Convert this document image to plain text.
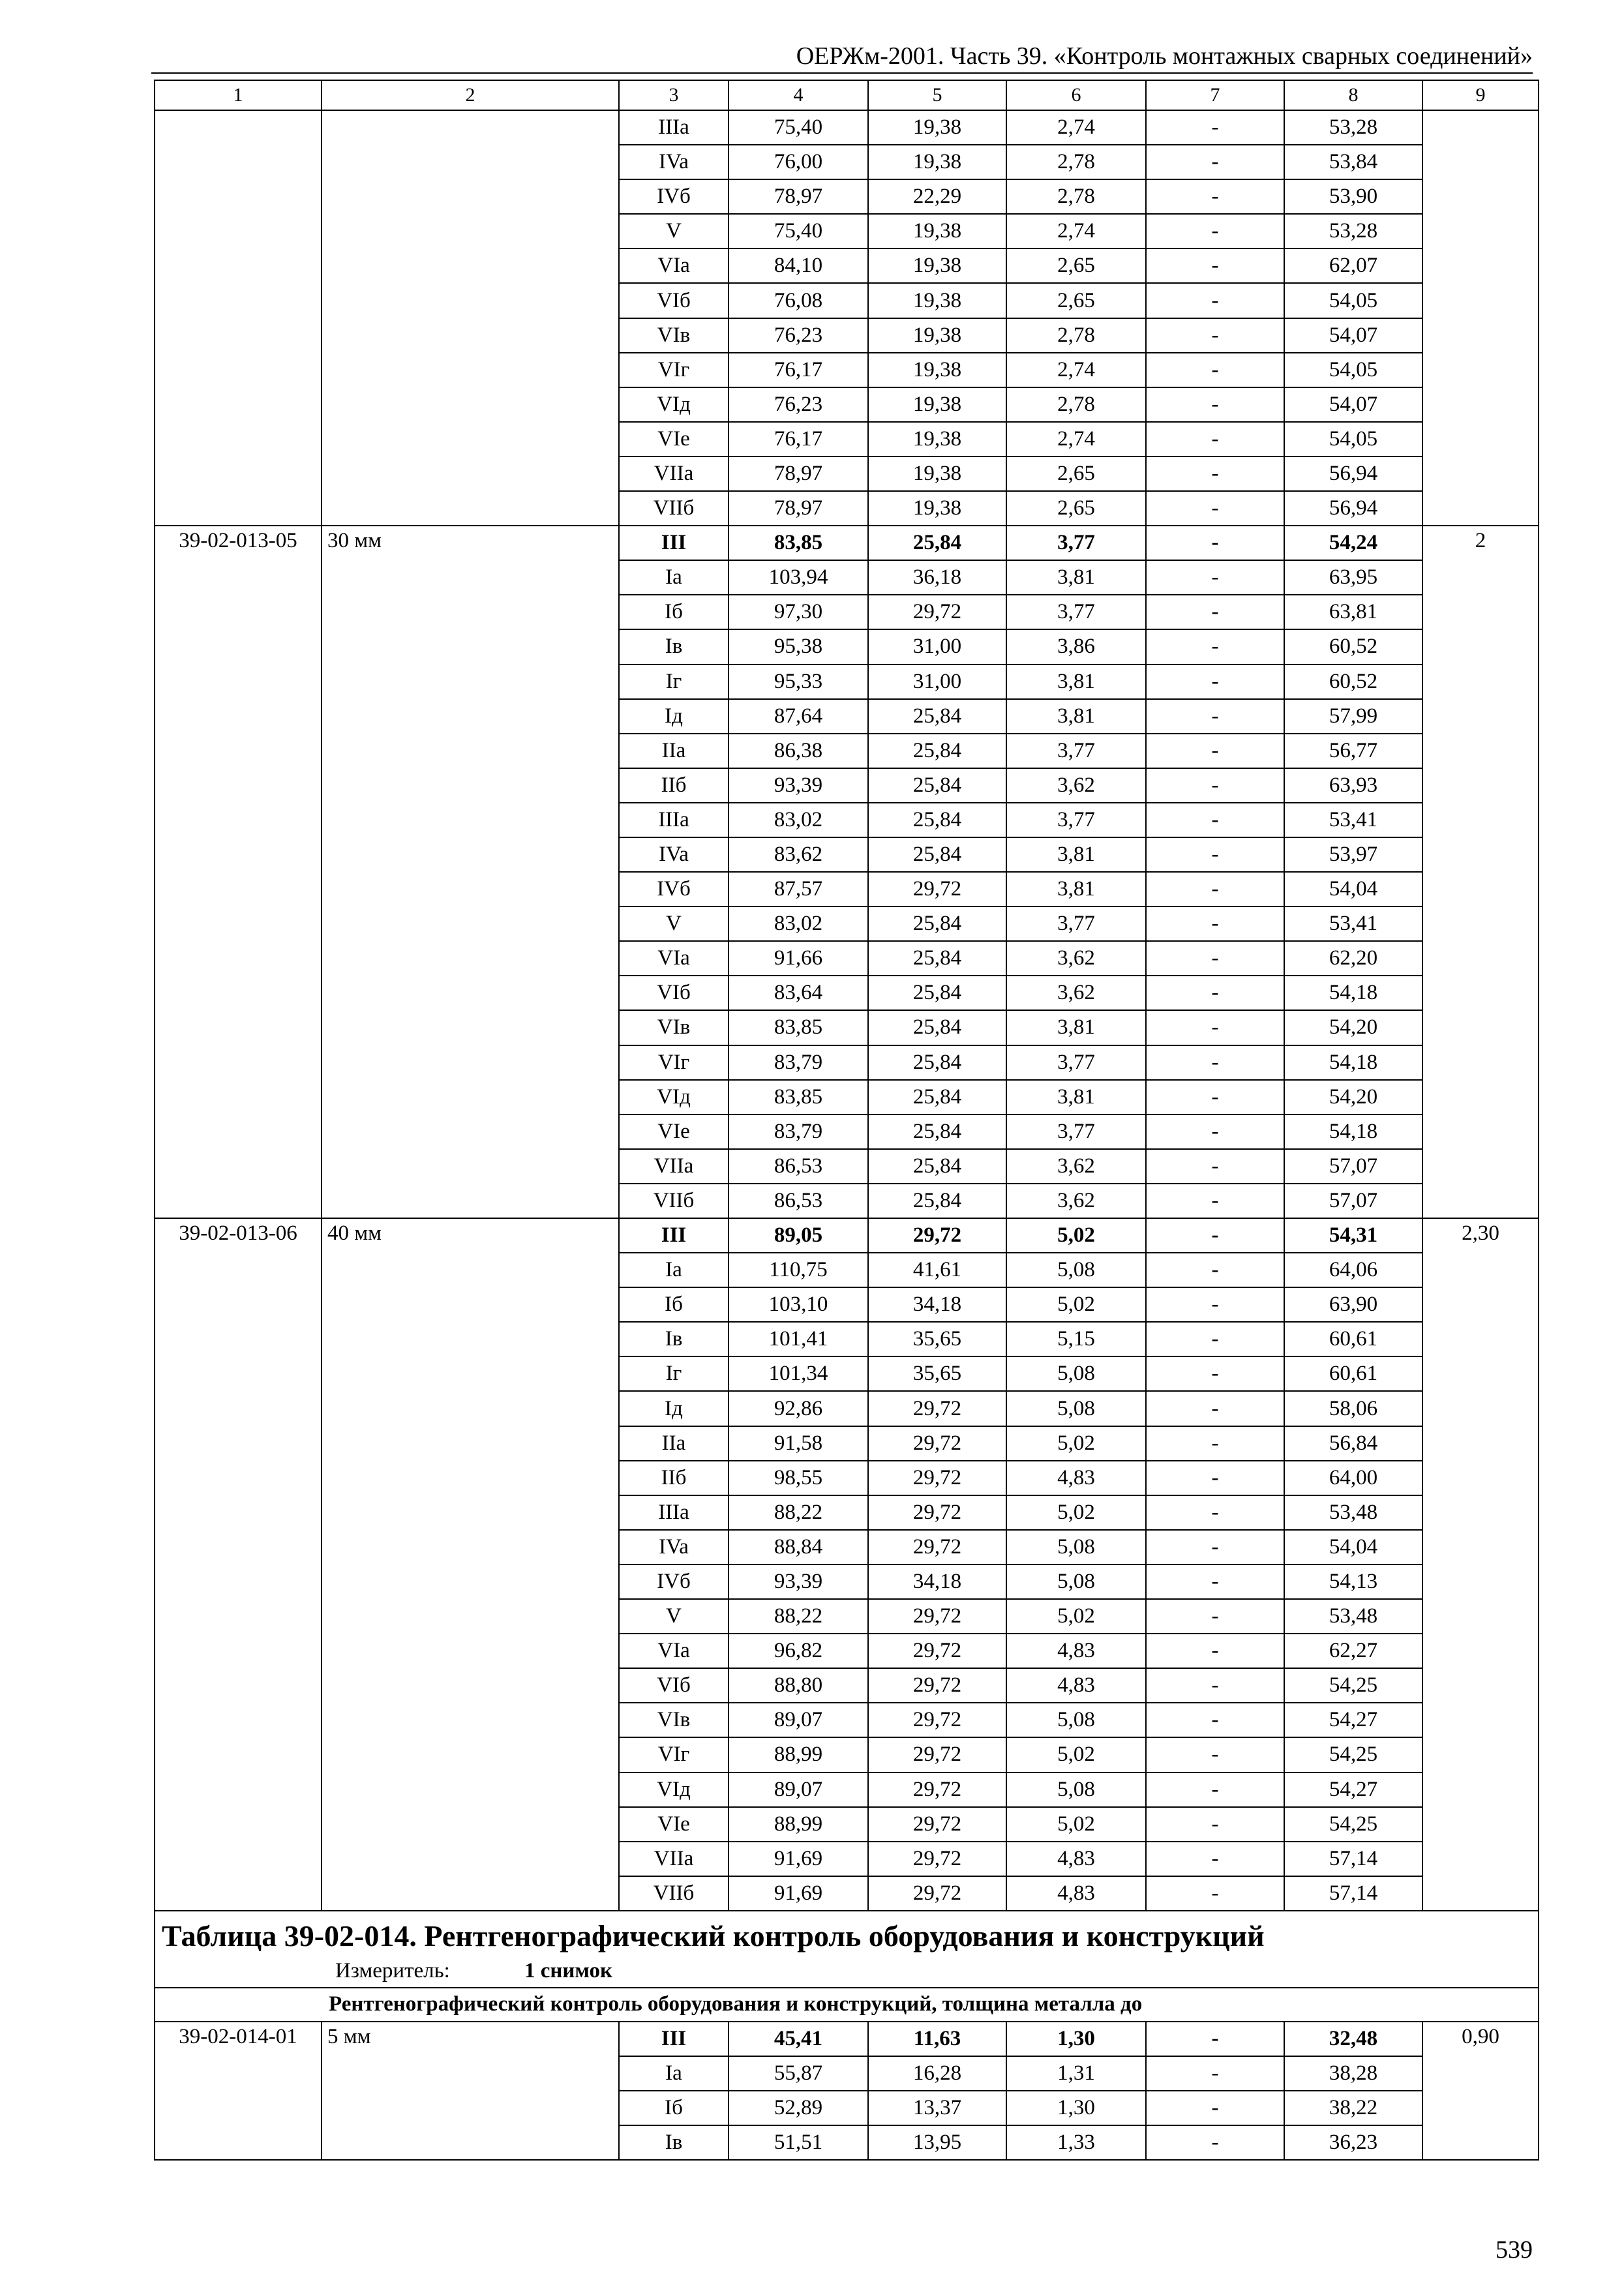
ОЕРЖм-2001. Часть 39. «Контроль монтажных сварных соединений»
1	2	3	4	5	6	7	8	9
		IIIa	75,40	19,38	2,74	-	53,28	
		IVa	76,00	19,38	2,78	-	53,84	
		IVб	78,97	22,29	2,78	-	53,90	
		V	75,40	19,38	2,74	-	53,28	
		VIa	84,10	19,38	2,65	-	62,07	
		VIб	76,08	19,38	2,65	-	54,05	
		VIв	76,23	19,38	2,78	-	54,07	
		VIг	76,17	19,38	2,74	-	54,05	
		VIд	76,23	19,38	2,78	-	54,07	
		VIe	76,17	19,38	2,74	-	54,05	
		VIIa	78,97	19,38	2,65	-	56,94	
		VIIб	78,97	19,38	2,65	-	56,94	
39-02-013-05	30 мм	III	83,85	25,84	3,77	-	54,24	2
		Ia	103,94	36,18	3,81	-	63,95	
		Iб	97,30	29,72	3,77	-	63,81	
		Iв	95,38	31,00	3,86	-	60,52	
		Iг	95,33	31,00	3,81	-	60,52	
		Iд	87,64	25,84	3,81	-	57,99	
		IIa	86,38	25,84	3,77	-	56,77	
		IIб	93,39	25,84	3,62	-	63,93	
		IIIa	83,02	25,84	3,77	-	53,41	
		IVa	83,62	25,84	3,81	-	53,97	
		IVб	87,57	29,72	3,81	-	54,04	
		V	83,02	25,84	3,77	-	53,41	
		VIa	91,66	25,84	3,62	-	62,20	
		VIб	83,64	25,84	3,62	-	54,18	
		VIв	83,85	25,84	3,81	-	54,20	
		VIг	83,79	25,84	3,77	-	54,18	
		VIд	83,85	25,84	3,81	-	54,20	
		VIe	83,79	25,84	3,77	-	54,18	
		VIIa	86,53	25,84	3,62	-	57,07	
		VIIб	86,53	25,84	3,62	-	57,07	
39-02-013-06	40 мм	III	89,05	29,72	5,02	-	54,31	2,30
		Ia	110,75	41,61	5,08	-	64,06	
		Iб	103,10	34,18	5,02	-	63,90	
		Iв	101,41	35,65	5,15	-	60,61	
		Iг	101,34	35,65	5,08	-	60,61	
		Iд	92,86	29,72	5,08	-	58,06	
		IIa	91,58	29,72	5,02	-	56,84	
		IIб	98,55	29,72	4,83	-	64,00	
		IIIa	88,22	29,72	5,02	-	53,48	
		IVa	88,84	29,72	5,08	-	54,04	
		IVб	93,39	34,18	5,08	-	54,13	
		V	88,22	29,72	5,02	-	53,48	
		VIa	96,82	29,72	4,83	-	62,27	
		VIб	88,80	29,72	4,83	-	54,25	
		VIв	89,07	29,72	5,08	-	54,27	
		VIг	88,99	29,72	5,02	-	54,25	
		VIд	89,07	29,72	5,08	-	54,27	
		VIe	88,99	29,72	5,02	-	54,25	
		VIIa	91,69	29,72	4,83	-	57,14	
		VIIб	91,69	29,72	4,83	-	57,14	

Таблица 39-02-014. Рентгенографический контроль оборудования и конструкций
Измеритель: 1 снимок								

Рентгенографический контроль оборудования и конструкций, толщина металла до								
39-02-014-01	5 мм	III	45,41	11,63	1,30	-	32,48	0,90
		Ia	55,87	16,28	1,31	-	38,28	
		Iб	52,89	13,37	1,30	-	38,22	
		Iв	51,51	13,95	1,33	-	36,23	
539
